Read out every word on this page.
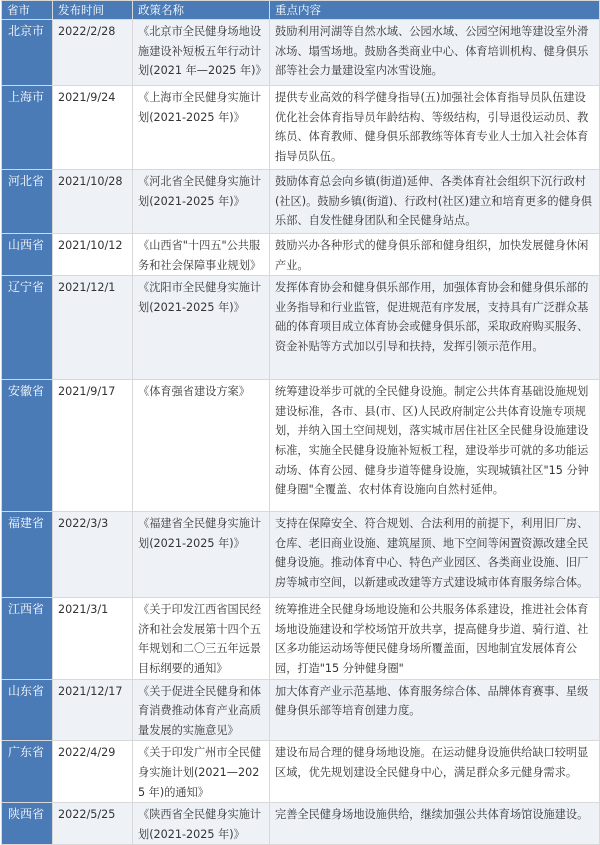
省市	发布时间	政策名称	重点内容
北京市	2022/2/28	《北京市全民健身场地设施建设补短板五年行动计划(2021 年—2025 年)》	鼓励利用河湖等自然水域、公园水域、公园空闲地等建设室外滑冰场、塌雪场地。鼓励各类商业中心、体育培训机构、健身俱乐部等社会力量建设室内冰雪设施。
上海市	2021/9/24	《上海市全民健身实施计划(2021-2025 年)》	提供专业高效的科学健身指导(五)加强社会体育指导员队伍建设优化社会体育指导员年龄结构、等级结构，引导退役运动员、教练员、体育教师、健身俱乐部教练等体育专业人士加入社会体育指导员队伍。
河北省	2021/10/28	《河北省全民健身实施计划(2021-2025 年)》	鼓励体育总会向乡镇(街道)延伸、各类体育社会组织下沉行政村(社区)。鼓励乡镇(街道)、行政村(社区)建立和培育更多的健身俱乐部、自发性健身团队和全民健身站点。
山西省	2021/10/12	《山西省"十四五"公共服务和社会保障事业规划》	鼓励兴办各种形式的健身俱乐部和健身组织，加快发展健身休闲产业。
辽宁省	2021/12/1	《沈阳市全民健身实施计划(2021-2025 年)》	发挥体育协会和健身俱乐部作用，加强体育协会和健身俱乐部的业务指导和行业监管，促进规范有序发展，支持具有广泛群众基础的体育项目成立体育协会或健身俱乐部，采取政府购买服务、资金补贴等方式加以引导和扶持，发挥引领示范作用。
安徽省	2021/9/17	《体育强省建设方案》	统筹建设举步可就的全民健身设施。制定公共体育基础设施规划建设标准，各市、县(市、区)人民政府制定公共体育设施专项规划，并纳入国土空间规划，落实城市居住社区全民健身设施建设标准，实施全民健身设施补短板工程，建设举步可就的多功能运动场、体育公园、健身步道等健身设施，实现城镇社区"15 分钟健身圈"全覆盖、农村体育设施向自然村延伸。
福建省	2022/3/3	《福建省全民健身实施计划(2021-2025 年)》	支持在保障安全、符合规划、合法利用的前提下，利用旧厂房、仓库、老旧商业设施、建筑屋顶、地下空间等闲置资源改建全民健身设施。推动体育中心、特色产业园区、各类商业设施、旧厂房等城市空间，以新建或改建等方式建设城市体育服务综合体。
江西省	2021/3/1	《关于印发江西省国民经济和社会发展第十四个五年规划和二〇三五年远景目标纲要的通知》	统筹推进全民健身场地设施和公共服务体系建设，推进社会体育场地设施建设和学校场馆开放共享，提高健身步道、骑行道、社区多功能运动场等便民健身场所覆盖面，因地制宜发展体育公园，打造"15 分钟健身圈"
山东省	2021/12/17	《关于促进全民健身和体育消费推动体育产业高质量发展的实施意见》	加大体育产业示范基地、体育服务综合体、品牌体育赛事、星级健身俱乐部等培育创建力度。
广东省	2022/4/29	《关于印发广州市全民健身实施计划(2021—2025 年)的通知》	建设布局合理的健身场地设施。在运动健身设施供给缺口较明显区域，优先规划建设全民健身中心，满足群众多元健身需求。
陕西省	2022/5/25	《陕西省全民健身实施计划(2021-2025 年)》	完善全民健身场地设施供给，继续加强公共体育场馆设施建设。
